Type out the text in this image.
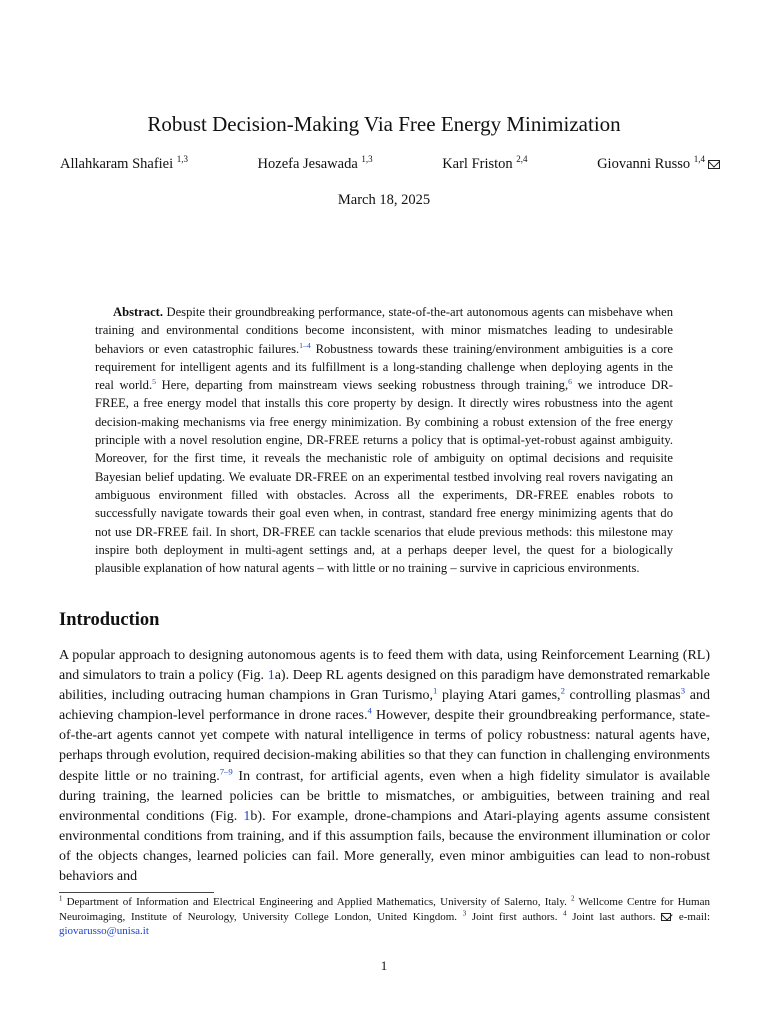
Robust Decision-Making Via Free Energy Minimization
Allahkaram Shafiei $^{1,3}$	Hozefa Jesawada $^{1,3}$	Karl Friston $^{2,4}$	Giovanni Russo $^{1,4}$
March 18, 2025
Abstract. Despite their groundbreaking performance, state-of-the-art autonomous agents can misbehave when training and environmental conditions become inconsistent, with minor mismatches leading to undesirable behaviors or even catastrophic failures.$^{1-4}$ Robustness towards these training/environment ambiguities is a core requirement for intelligent agents and its fulfillment is a long-standing challenge when deploying agents in the real world.$^5$ Here, departing from mainstream views seeking robustness through training,$^6$ we introduce DR-FREE, a free energy model that installs this core property by design. It directly wires robustness into the agent decision-making mechanisms via free energy minimization. By combining a robust extension of the free energy principle with a novel resolution engine, DR-FREE returns a policy that is optimal-yet-robust against ambiguity. Moreover, for the first time, it reveals the mechanistic role of ambiguity on optimal decisions and requisite Bayesian belief updating. We evaluate DR-FREE on an experimental testbed involving real rovers navigating an ambiguous environment filled with obstacles. Across all the experiments, DR-FREE enables robots to successfully navigate towards their goal even when, in contrast, standard free energy minimizing agents that do not use DR-FREE fail. In short, DR-FREE can tackle scenarios that elude previous methods: this milestone may inspire both deployment in multi-agent settings and, at a perhaps deeper level, the quest for a biologically plausible explanation of how natural agents – with little or no training – survive in capricious environments.
Introduction
A popular approach to designing autonomous agents is to feed them with data, using Reinforcement Learning (RL) and simulators to train a policy (Fig. 1a). Deep RL agents designed on this paradigm have demonstrated remarkable abilities, including outracing human champions in Gran Turismo,$^1$ playing Atari games,$^2$ controlling plasmas$^3$ and achieving champion-level performance in drone races.$^4$ However, despite their groundbreaking performance, state-of-the-art agents cannot yet compete with natural intelligence in terms of policy robustness: natural agents have, perhaps through evolution, required decision-making abilities so that they can function in challenging environments despite little or no training.$^{7-9}$ In contrast, for artificial agents, even when a high fidelity simulator is available during training, the learned policies can be brittle to mismatches, or ambiguities, between training and real environmental conditions (Fig. 1b). For example, drone-champions and Atari-playing agents assume consistent environmental conditions from training, and if this assumption fails, because the environment illumination or color of the objects changes, learned policies can fail. More generally, even minor ambiguities can lead to non-robust behaviors and
$^1$ Department of Information and Electrical Engineering and Applied Mathematics, University of Salerno, Italy. $^2$ Wellcome Centre for Human Neuroimaging, Institute of Neurology, University College London, United Kingdom. $^3$ Joint first authors. $^4$ Joint last authors.  e-mail: giovarusso@unisa.it
1
